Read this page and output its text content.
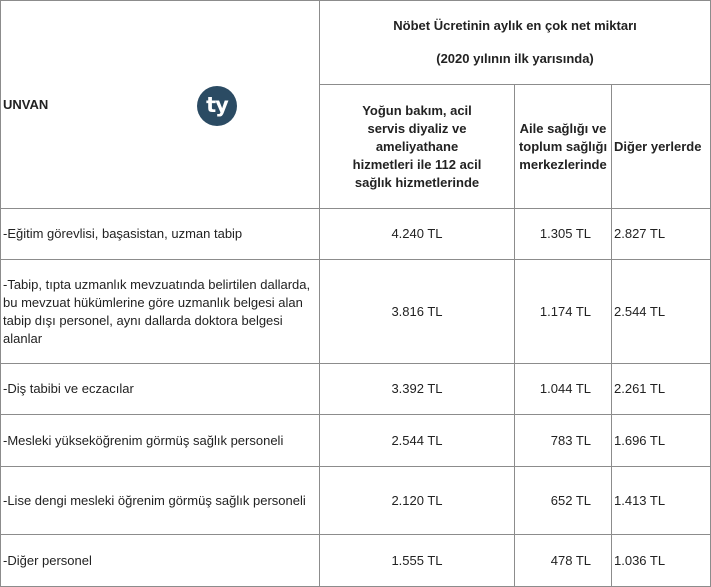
UNVAN	Nöbet Ücretinin aylık en çok net miktarı
(2020 yılının ilk yarısında)		

	Yoğun bakım, acil servis diyaliz ve ameliyathane hizmetleri ile 112 acil sağlık hizmetlerinde	Aile sağlığı ve toplum sağlığı merkezlerinde	Diğer yerlerde
-Eğitim görevlisi, başasistan, uzman tabip	4.240 TL	1.305 TL	2.827 TL
-Tabip, tıpta uzmanlık mevzuatında belirtilen dallarda, bu mevzuat hükümlerine göre uzmanlık belgesi alan tabip dışı personel, aynı dallarda doktora belgesi alanlar	3.816 TL	1.174 TL	2.544 TL
-Diş tabibi ve eczacılar	3.392 TL	1.044 TL	2.261 TL
-Mesleki yükseköğrenim görmüş sağlık personeli	2.544 TL	783 TL	1.696 TL
-Lise dengi mesleki öğrenim görmüş sağlık personeli	2.120 TL	652 TL	1.413 TL
-Diğer personel	1.555 TL	478 TL	1.036 TL
ty
